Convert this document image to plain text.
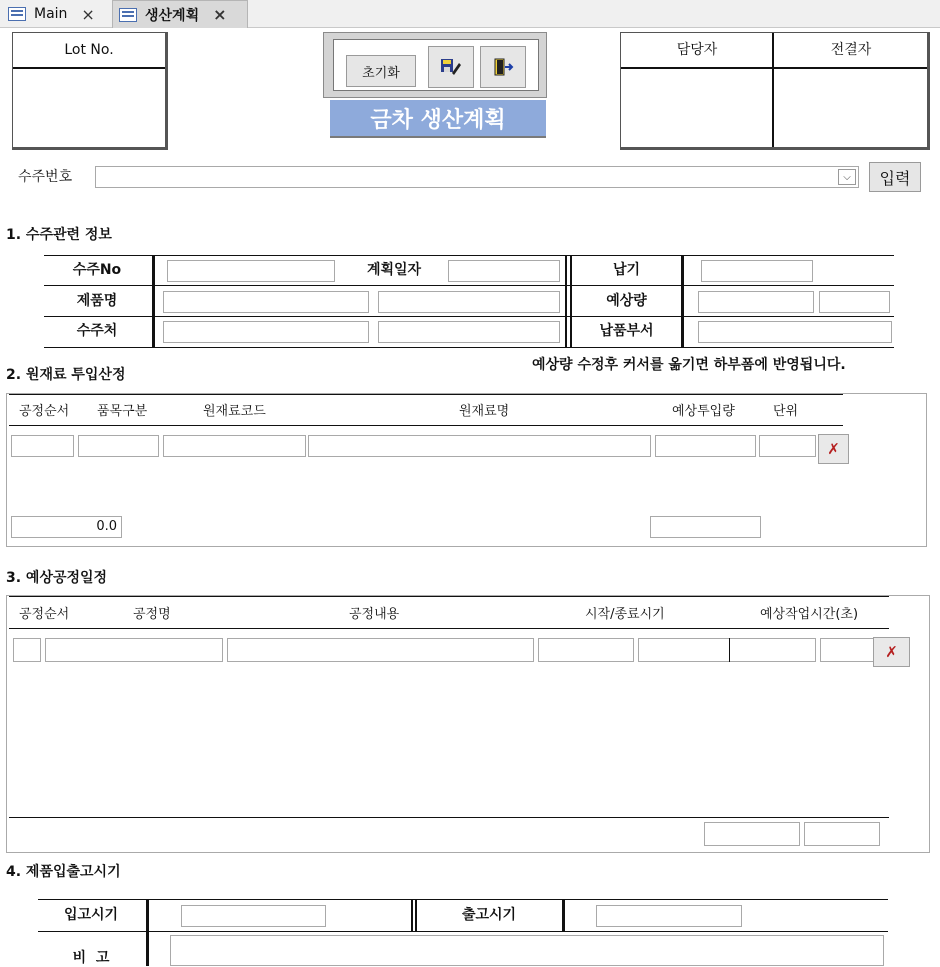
Main ×	생산계획 ×
Lot No.
초기화
금차 생산계획
담당자	전결자
수주번호	⌵	입력
1. 수주관련 정보
수주No	계획일자	납기
제품명	예상량
수주처	납품부서
2. 원재료 투입산정
예상량 수정후 커서를 옮기면 하부폼에 반영됩니다.
공정순서 품목구분	원재료코드	원재료명	예상투입량	단위
✗
0.0
3. 예상공정일정
공정순서	공정명	공정내용	시작/종료시기	예상작업시간(초)
✗
4. 제품입출고시기
입고시기	출고시기
비  고
